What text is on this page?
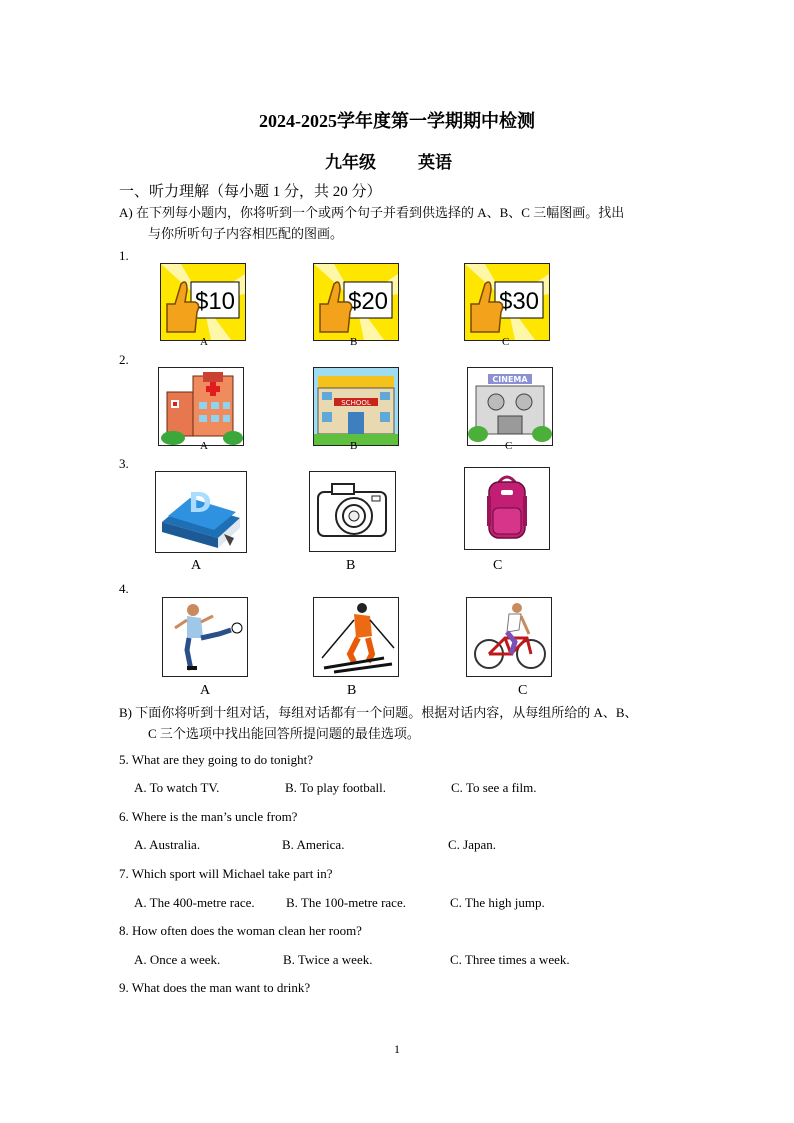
2024-2025学年度第一学期期中检测
九年级 英语
一、听力理解（每小题 1 分，共 20 分）
A) 在下列每小题内，你将听到一个或两个句子并看到供选择的 A、B、C 三幅图画。找出
与你所听句子内容相匹配的图画。
1.
$10	$20	$30
A	B	C
2.
SCHOOL
CINEMA
A	B	C
3.
D
A	B	C
4.
A	B	C
B) 下面你将听到十组对话，每组对话都有一个问题。根据对话内容，从每组所给的 A、B、
C 三个选项中找出能回答所提问题的最佳选项。
5. What are they going to do tonight?
A. To watch TV.	B. To play football.	C. To see a film.
6. Where is the man’s uncle from?
A. Australia.	B. America.	C. Japan.
7. Which sport will Michael take part in?
A. The 400-metre race. B. The 100-metre race.	C. The high jump.
8. How often does the woman clean her room?
A. Once a week.	B. Twice a week.	C. Three times a week.
9. What does the man want to drink?
1
